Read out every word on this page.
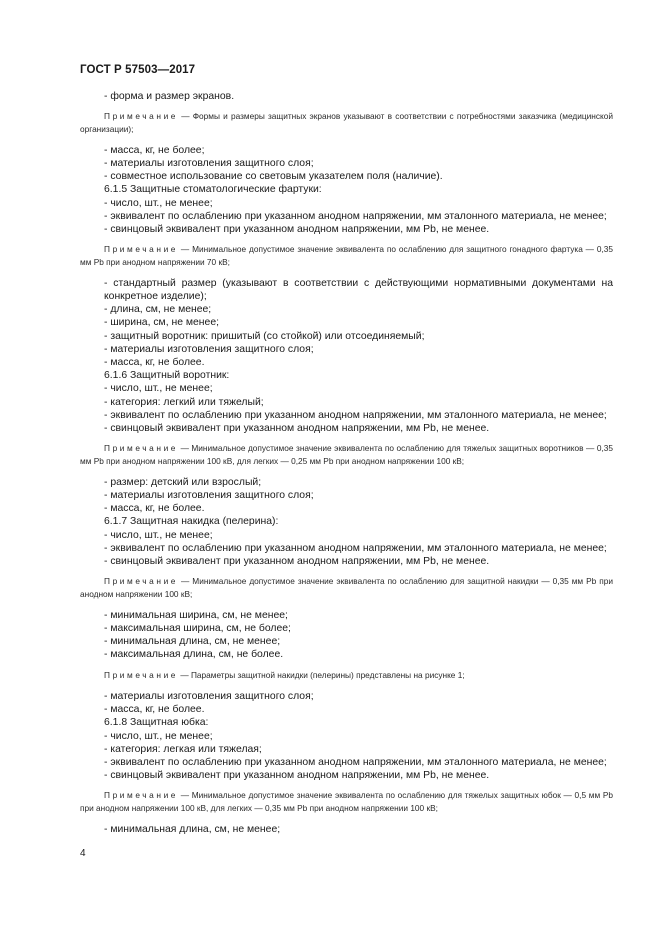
ГОСТ Р 57503—2017

- форма и размер экранов.

Примечание — Формы и размеры защитных экранов указывают в соответствии с потребностями заказчика (медицинской организации);

- масса, кг, не более;

- материалы изготовления защитного слоя;

- совместное использование со световым указателем поля (наличие).

6.1.5 Защитные стоматологические фартуки:

- число, шт., не менее;

- эквивалент по ослаблению при указанном анодном напряжении, мм эталонного материала, не менее;

- свинцовый эквивалент при указанном анодном напряжении, мм Pb, не менее.

Примечание — Минимальное допустимое значение эквивалента по ослаблению для защитного гонадного фартука — 0,35 мм Pb при анодном напряжении 70 кВ;

- стандартный размер (указывают в соответствии с действующими нормативными документами на конкретное изделие);

- длина, см, не менее;

- ширина, см, не менее;

- защитный воротник: пришитый (со стойкой) или отсоединяемый;

- материалы изготовления защитного слоя;

- масса, кг, не более.

6.1.6 Защитный воротник:

- число, шт., не менее;

- категория: легкий или тяжелый;

- эквивалент по ослаблению при указанном анодном напряжении, мм эталонного материала, не менее;

- свинцовый эквивалент при указанном анодном напряжении, мм Pb, не менее.

Примечание — Минимальное допустимое значение эквивалента по ослаблению для тяжелых защитных воротников — 0,35 мм Pb при анодном напряжении 100 кВ, для легких — 0,25 мм Pb при анодном напряжении 100 кВ;

- размер: детский или взрослый;

- материалы изготовления защитного слоя;

- масса, кг, не более.

6.1.7 Защитная накидка (пелерина):

- число, шт., не менее;

- эквивалент по ослаблению при указанном анодном напряжении, мм эталонного материала, не менее;

- свинцовый эквивалент при указанном анодном напряжении, мм Pb, не менее.

Примечание — Минимальное допустимое значение эквивалента по ослаблению для защитной накидки — 0,35 мм Pb при анодном напряжении 100 кВ;

- минимальная ширина, см, не менее;

- максимальная ширина, см, не более;

- минимальная длина, см, не менее;

- максимальная длина, см, не более.

Примечание — Параметры защитной накидки (пелерины) представлены на рисунке 1;

- материалы изготовления защитного слоя;

- масса, кг, не более.

6.1.8 Защитная юбка:

- число, шт., не менее;

- категория: легкая или тяжелая;

- эквивалент по ослаблению при указанном анодном напряжении, мм эталонного материала, не менее;

- свинцовый эквивалент при указанном анодном напряжении, мм Pb, не менее.

Примечание — Минимальное допустимое значение эквивалента по ослаблению для тяжелых защитных юбок — 0,5 мм Pb при анодном напряжении 100 кВ, для легких — 0,35 мм Pb при анодном напряжении 100 кВ;

- минимальная длина, см, не менее;

4
